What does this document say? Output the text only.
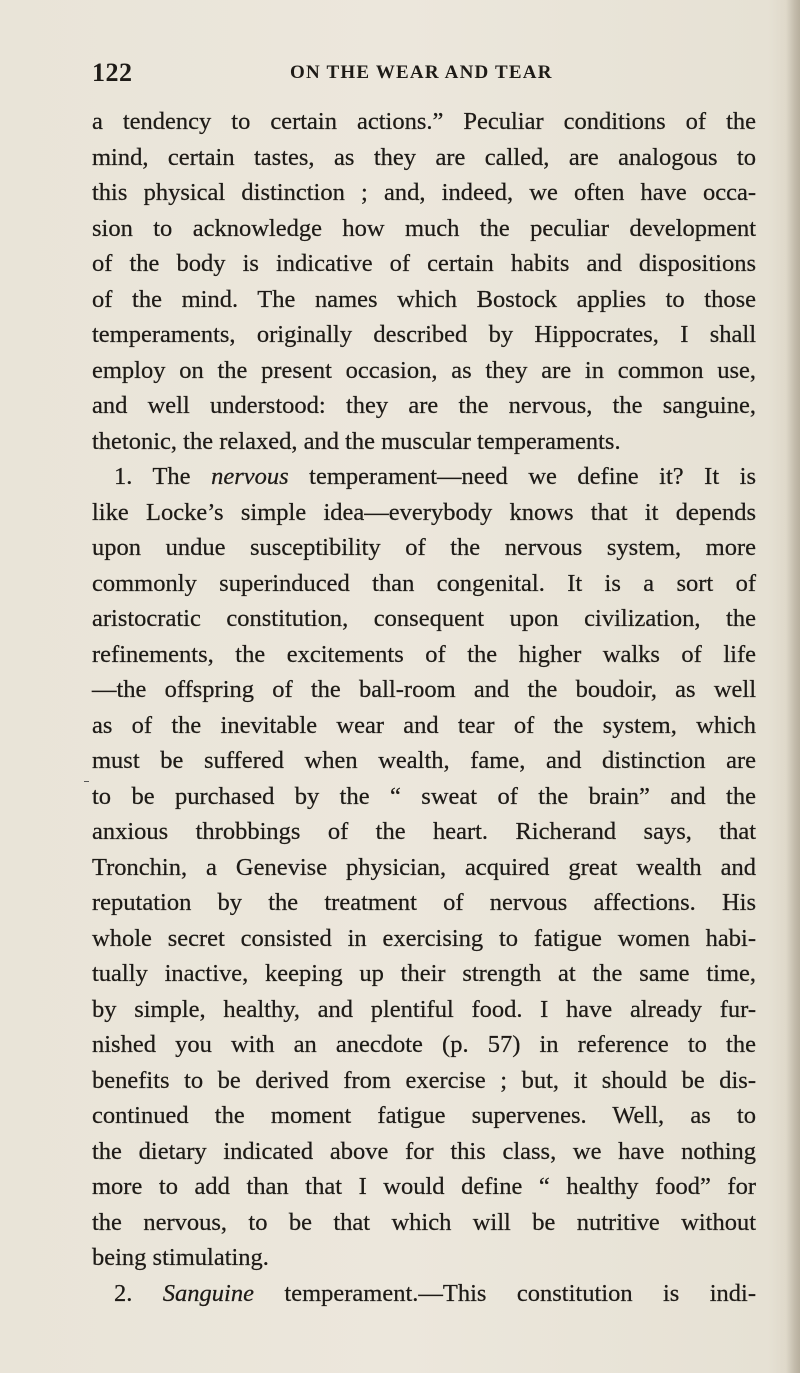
122	ON THE WEAR AND TEAR
a tendency to certain actions.” Peculiar conditions of the
mind, certain tastes, as they are called, are analogous to
this physical distinction ; and, indeed, we often have occa-
sion to acknowledge how much the peculiar development
of the body is indicative of certain habits and dispositions
of the mind. The names which Bostock applies to those
temperaments, originally described by Hippocrates, I shall
employ on the present occasion, as they are in common use,
and well understood: they are the nervous, the sanguine,
thetonic, the relaxed, and the muscular temperaments.
1. The nervous temperament—need we define it? It is
like Locke’s simple idea—everybody knows that it depends
upon undue susceptibility of the nervous system, more
commonly superinduced than congenital. It is a sort of
aristocratic constitution, consequent upon civilization, the
refinements, the excitements of the higher walks of life
—the offspring of the ball-room and the boudoir, as well
as of the inevitable wear and tear of the system, which
must be suffered when wealth, fame, and distinction are
to be purchased by the “ sweat of the brain” and the
anxious throbbings of the heart. Richerand says, that
Tronchin, a Genevise physician, acquired great wealth and
reputation by the treatment of nervous affections. His
whole secret consisted in exercising to fatigue women habi-
tually inactive, keeping up their strength at the same time,
by simple, healthy, and plentiful food. I have already fur-
nished you with an anecdote (p. 57) in reference to the
benefits to be derived from exercise ; but, it should be dis-
continued the moment fatigue supervenes. Well, as to
the dietary indicated above for this class, we have nothing
more to add than that I would define “ healthy food” for
the nervous, to be that which will be nutritive without
being stimulating.
2. Sanguine temperament.—This constitution is indi-
